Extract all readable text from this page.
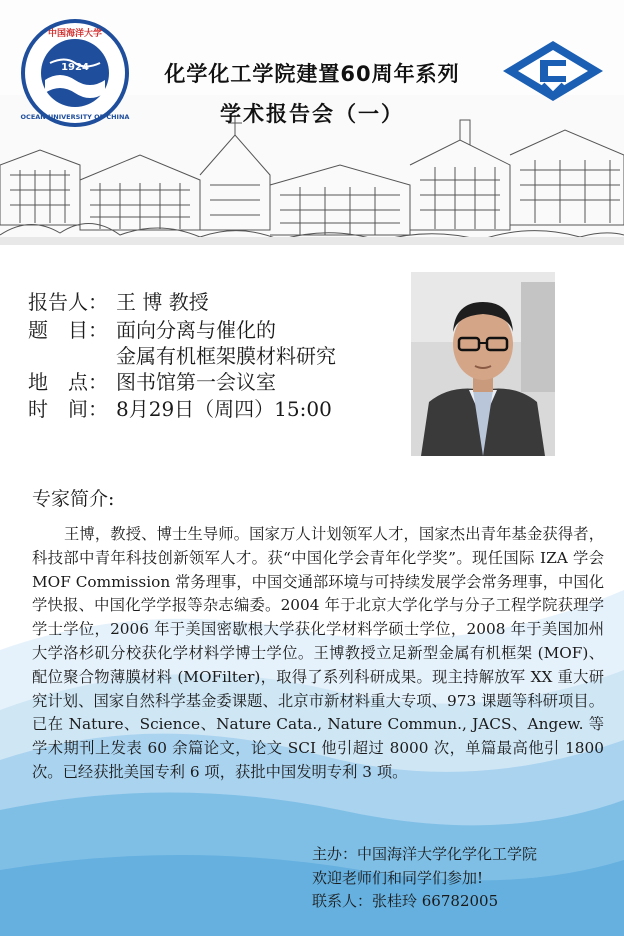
1924
中国海洋大学
OCEAN UNIVERSITY OF CHINA
化学化工学院建置60周年系列
学术报告会（一）
报告人： 王 博 教授
题　目： 面向分离与催化的
金属有机框架膜材料研究
地　点： 图书馆第一会议室
时　间： 8月29日（周四）15:00
专家简介:

王博，教授、博士生导师。国家万人计划领军人才，国家杰出青年基金获得者，科技部中青年科技创新领军人才。获“中国化学会青年化学奖”。现任国际 IZA 学会 MOF Commission 常务理事，中国交通部环境与可持续发展学会常务理事，中国化学快报、中国化学学报等杂志编委。2004 年于北京大学化学与分子工程学院获理学学士学位，2006 年于美国密歇根大学获化学材料学硕士学位，2008 年于美国加州大学洛杉矶分校获化学材料学博士学位。王博教授立足新型金属有机框架 (MOF)、配位聚合物薄膜材料 (MOFilter)，取得了系列科研成果。现主持解放军 XX 重大研究计划、国家自然科学基金委课题、北京市新材料重大专项、973 课题等科研项目。已在 Nature、Science、Nature Cata., Nature Commun., JACS、Angew. 等学术期刊上发表 60 余篇论文，论文 SCI 他引超过 8000 次，单篇最高他引 1800 次。已经获批美国专利 6 项，获批中国发明专利 3 项。

主办：中国海洋大学化学化工学院
欢迎老师们和同学们参加!
联系人：张桂玲 66782005
